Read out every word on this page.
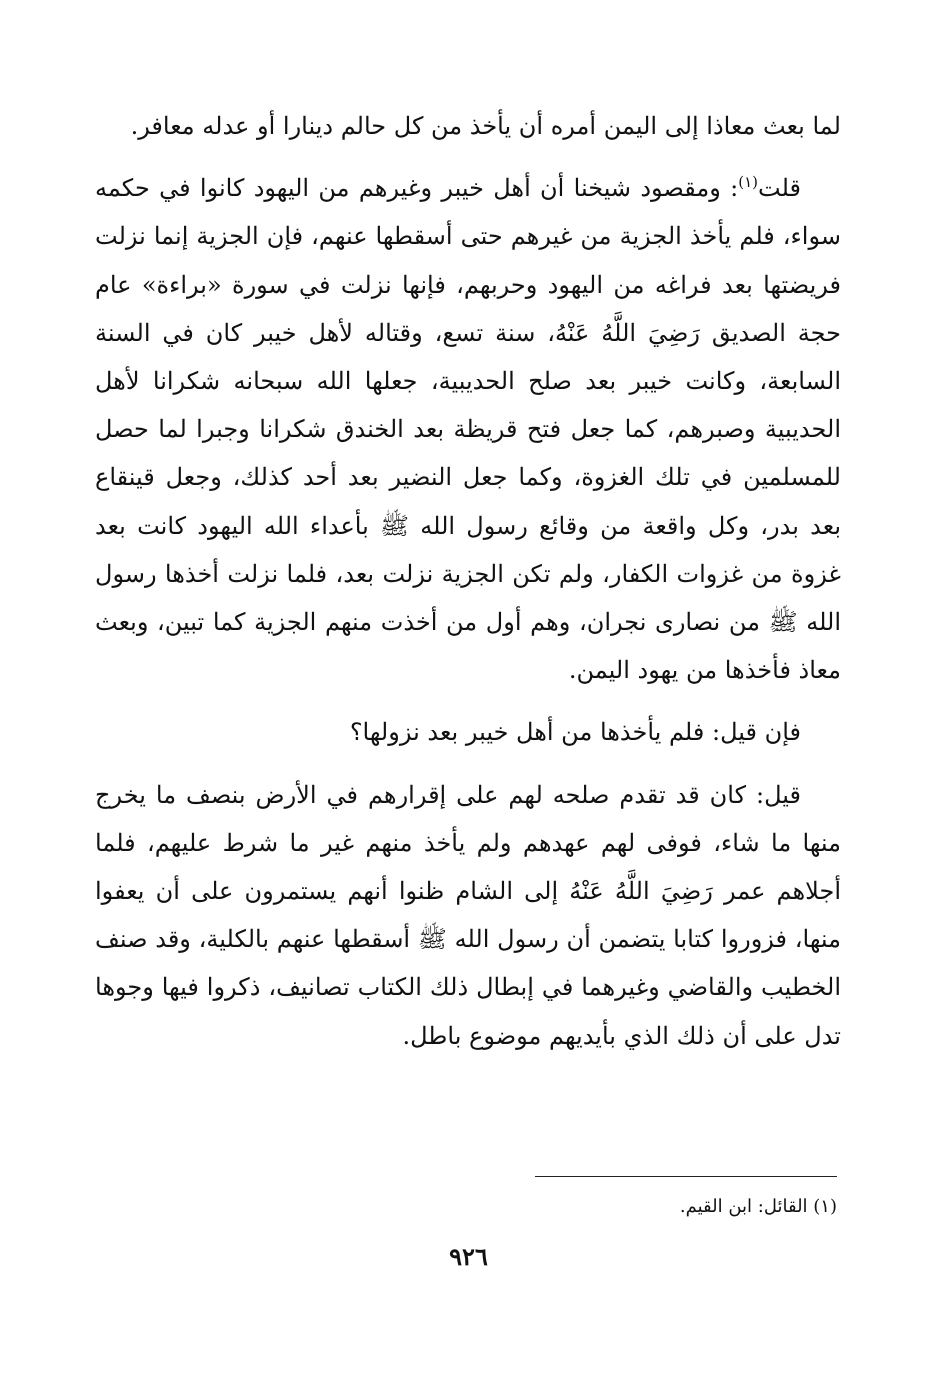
لما بعث معاذا إلى اليمن أمره أن يأخذ من كل حالم دينارا أو عدله معافر.

قلت$^{(١)}$: ومقصود شيخنا أن أهل خيبر وغيرهم من اليهود كانوا في حكمه سواء، فلم يأخذ الجزية من غيرهم حتى أسقطها عنهم، فإن الجزية إنما نزلت فريضتها بعد فراغه من اليهود وحربهم، فإنها نزلت في سورة «براءة» عام حجة الصديق رَضِيَ اللَّهُ عَنْهُ، سنة تسع، وقتاله لأهل خيبر كان في السنة السابعة، وكانت خيبر بعد صلح الحديبية، جعلها الله سبحانه شكرانا لأهل الحديبية وصبرهم، كما جعل فتح قريظة بعد الخندق شكرانا وجبرا لما حصل للمسلمين في تلك الغزوة، وكما جعل النضير بعد أحد كذلك، وجعل قينقاع بعد بدر، وكل واقعة من وقائع رسول الله ﷺ بأعداء الله اليهود كانت بعد غزوة من غزوات الكفار، ولم تكن الجزية نزلت بعد، فلما نزلت أخذها رسول الله ﷺ من نصارى نجران، وهم أول من أخذت منهم الجزية كما تبين، وبعث معاذ فأخذها من يهود اليمن.

فإن قيل: فلم يأخذها من أهل خيبر بعد نزولها؟

قيل: كان قد تقدم صلحه لهم على إقرارهم في الأرض بنصف ما يخرج منها ما شاء، فوفى لهم عهدهم ولم يأخذ منهم غير ما شرط عليهم، فلما أجلاهم عمر رَضِيَ اللَّهُ عَنْهُ إلى الشام ظنوا أنهم يستمرون على أن يعفوا منها، فزوروا كتابا يتضمن أن رسول الله ﷺ أسقطها عنهم بالكلية، وقد صنف الخطيب والقاضي وغيرهما في إبطال ذلك الكتاب تصانيف، ذكروا فيها وجوها تدل على أن ذلك الذي بأيديهم موضوع باطل.

(١) القائل: ابن القيم.
٩٢٦
